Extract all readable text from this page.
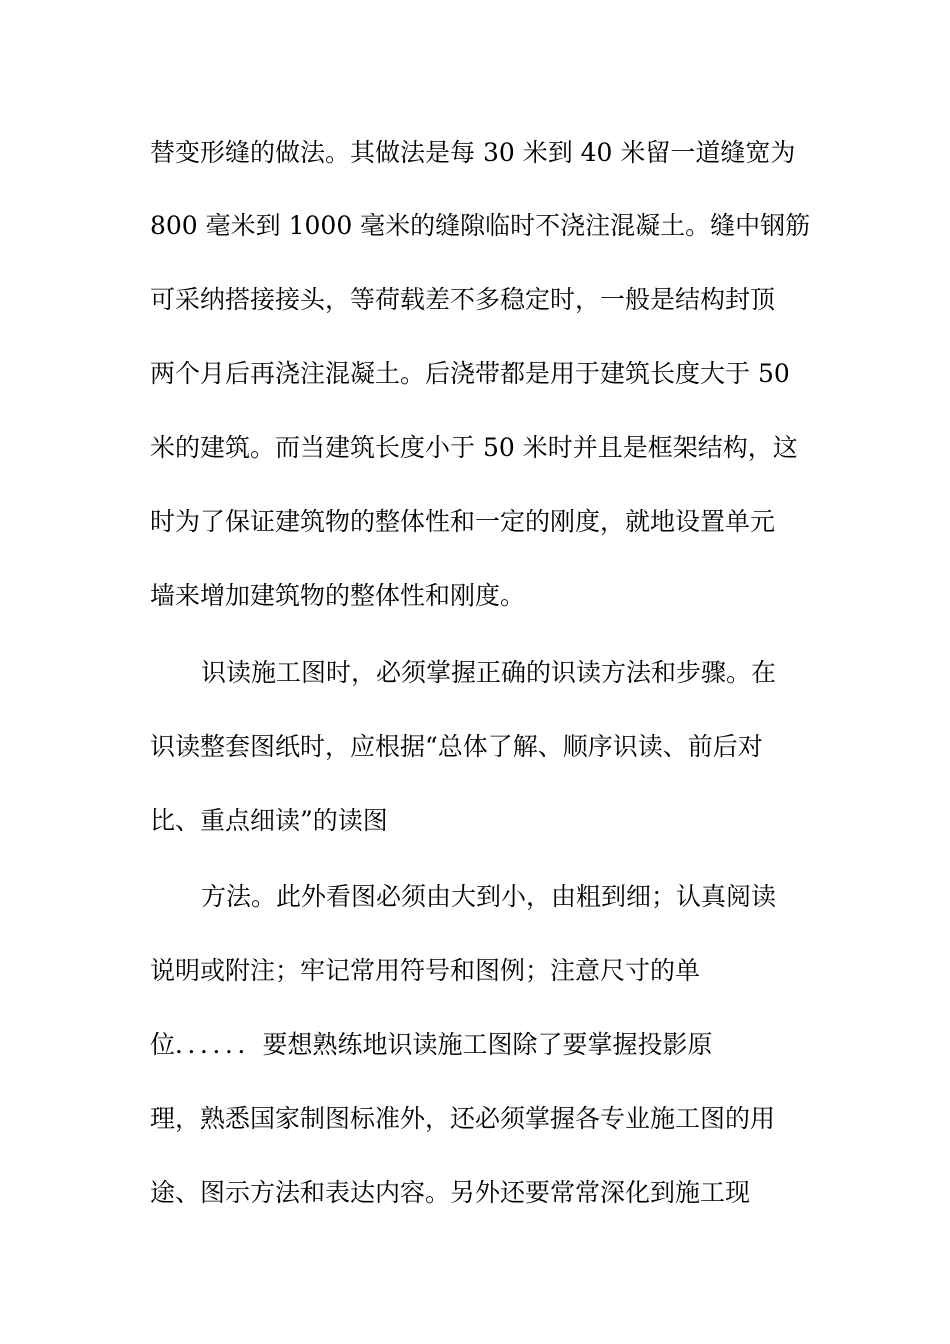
替变形缝的做法。其做法是每 30 米到 40 米留一道缝宽为
800 毫米到 1000 毫米的缝隙临时不浇注混凝土。缝中钢筋
可采纳搭接接头，等荷载差不多稳定时，一般是结构封顶
两个月后再浇注混凝土。后浇带都是用于建筑长度大于 50
米的建筑。而当建筑长度小于 50 米时并且是框架结构，这
时为了保证建筑物的整体性和一定的刚度，就地设置单元
墙来增加建筑物的整体性和刚度。
识读施工图时，必须掌握正确的识读方法和步骤。在
识读整套图纸时，应根据“总体了解、顺序识读、前后对
比、重点细读”的读图
方法。此外看图必须由大到小，由粗到细；认真阅读
说明或附注；牢记常用符号和图例；注意尺寸的单
位．．．．．．要想熟练地识读施工图除了要掌握投影原
理，熟悉国家制图标准外，还必须掌握各专业施工图的用
途、图示方法和表达内容。另外还要常常深化到施工现
